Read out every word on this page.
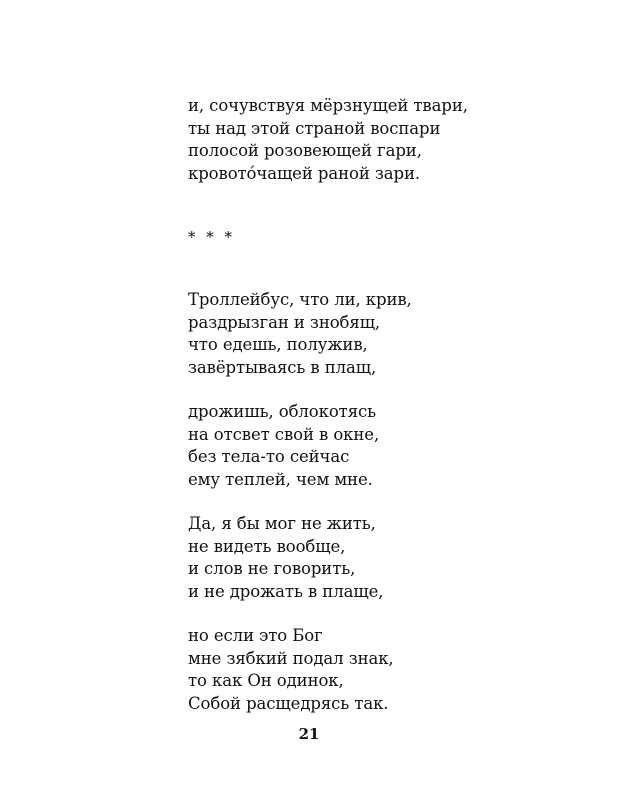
и, сочувствуя мёрзнущей твари,
ты над этой страной воспари
полосой розовеющей гари,
кровото́чащей раной зари.
* * *
Троллейбус, что ли, крив,
раздрызган и знобящ,
что едешь, полужив,
завёртываясь в плащ,
дрожишь, облокотясь
на отсвет свой в окне,
без тела-то сейчас
ему теплей, чем мне.
Да, я бы мог не жить,
не видеть вообще,
и слов не говорить,
и не дрожать в плаще,
но если это Бог
мне зябкий подал знак,
то как Он одинок,
Собой расщедрясь так.
21
